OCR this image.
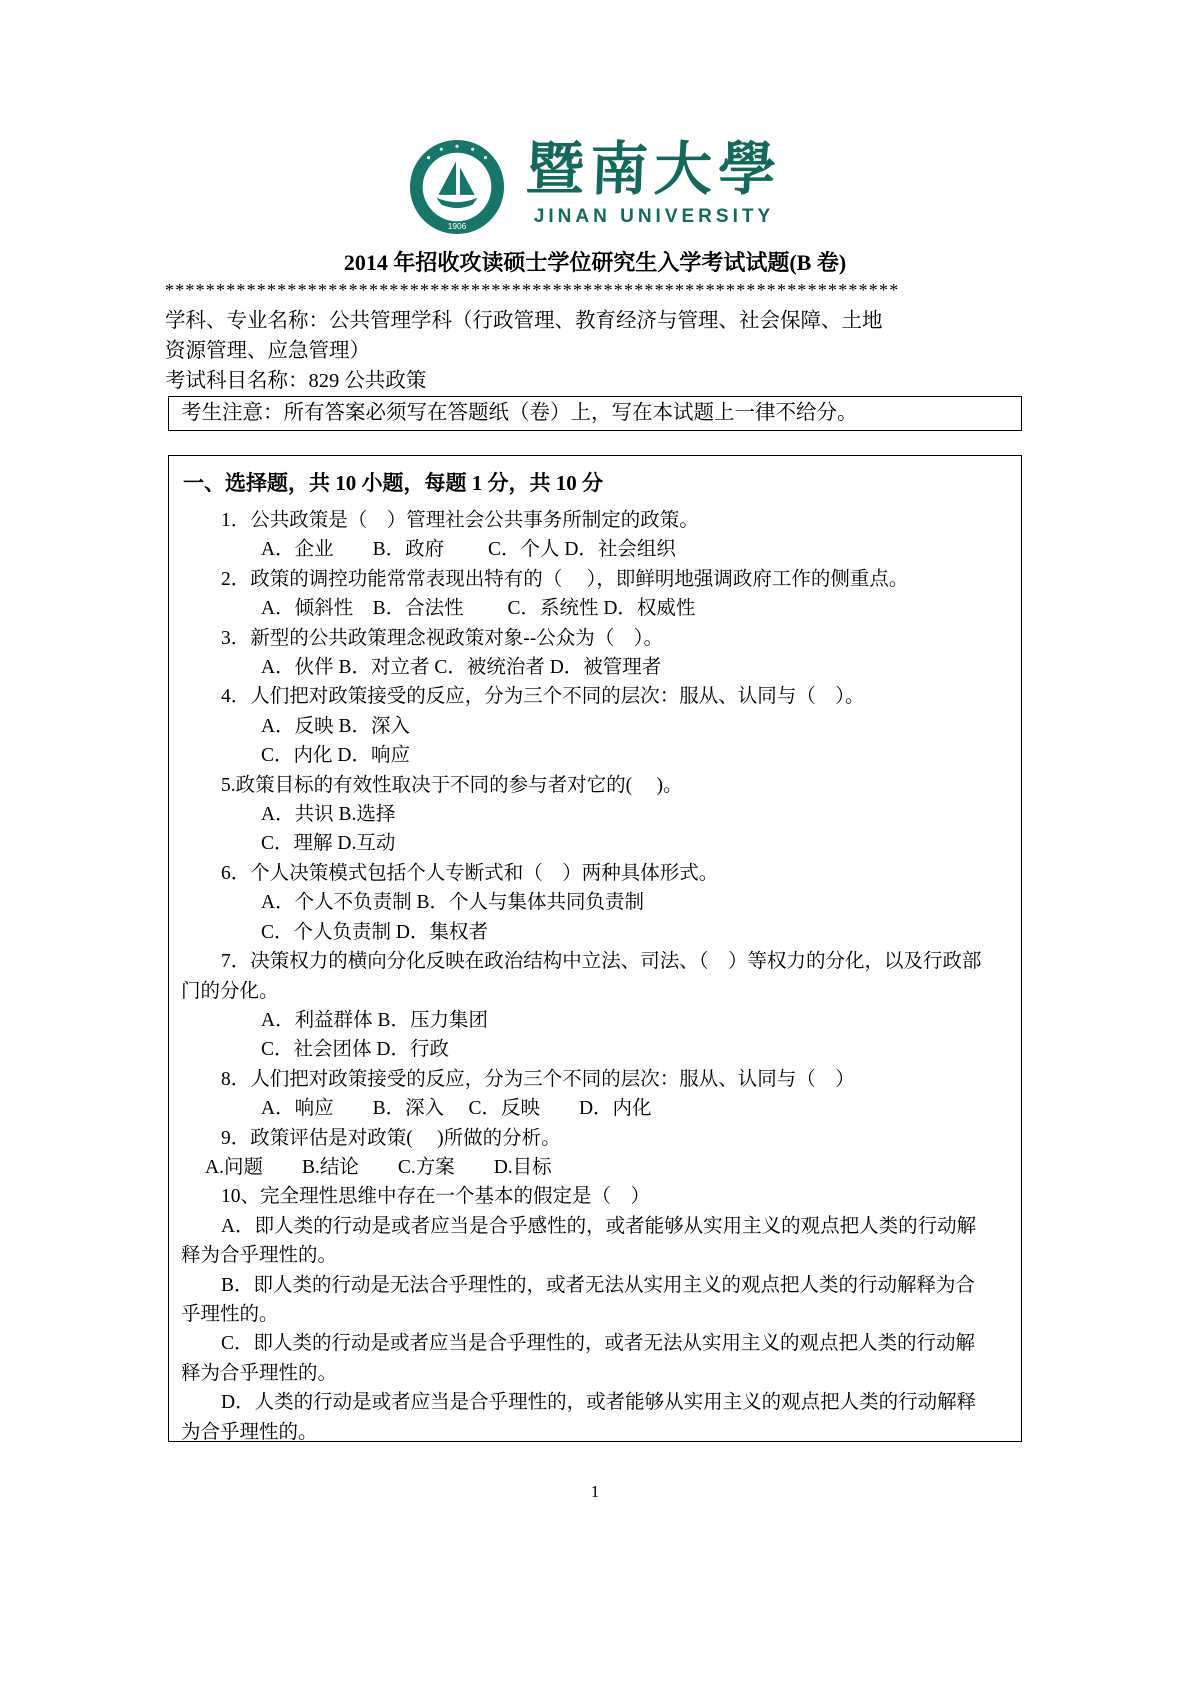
1906
暨南大學
JINAN UNIVERSITY
2014 年招收攻读硕士学位研究生入学考试试题(B 卷)
************************************************************************
学科、专业名称：公共管理学科（行政管理、教育经济与管理、社会保障、土地
资源管理、应急管理）
考试科目名称：829 公共政策
考生注意：所有答案必须写在答题纸（卷）上，写在本试题上一律不给分。
一、选择题，共 10 小题，每题 1 分，共 10 分
1．公共政策是（　）管理社会公共事务所制定的政策。
A．企业　　B．政府　　 C．个人 D．社会组织
2．政策的调控功能常常表现出特有的（　 ），即鲜明地强调政府工作的侧重点。
A．倾斜性　B．合法性　　 C．系统性 D．权威性
3．新型的公共政策理念视政策对象--公众为（　）。
A．伙伴 B．对立者 C．被统治者 D．被管理者
4．人们把对政策接受的反应，分为三个不同的层次：服从、认同与（　）。
A．反映 B．深入
C．内化 D．响应
5.政策目标的有效性取决于不同的参与者对它的(　 )。
A．共识 B.选择
C．理解 D.互动
6．个人决策模式包括个人专断式和（　）两种具体形式。
A．个人不负责制 B．个人与集体共同负责制
C．个人负责制 D．集权者
7．决策权力的横向分化反映在政治结构中立法、司法、（　）等权力的分化，以及行政部
门的分化。
A．利益群体 B．压力集团
C．社会团体 D．行政
8．人们把对政策接受的反应，分为三个不同的层次：服从、认同与（　）
A．响应　　B．深入　 C．反映　　D．内化
9．政策评估是对政策(　 )所做的分析。
A.问题　　B.结论　　C.方案　　D.目标
10、完全理性思维中存在一个基本的假定是（　）
A．即人类的行动是或者应当是合乎感性的，或者能够从实用主义的观点把人类的行动解
释为合乎理性的。
B．即人类的行动是无法合乎理性的，或者无法从实用主义的观点把人类的行动解释为合
乎理性的。
C．即人类的行动是或者应当是合乎理性的，或者无法从实用主义的观点把人类的行动解
释为合乎理性的。
D．人类的行动是或者应当是合乎理性的，或者能够从实用主义的观点把人类的行动解释
为合乎理性的。
1
